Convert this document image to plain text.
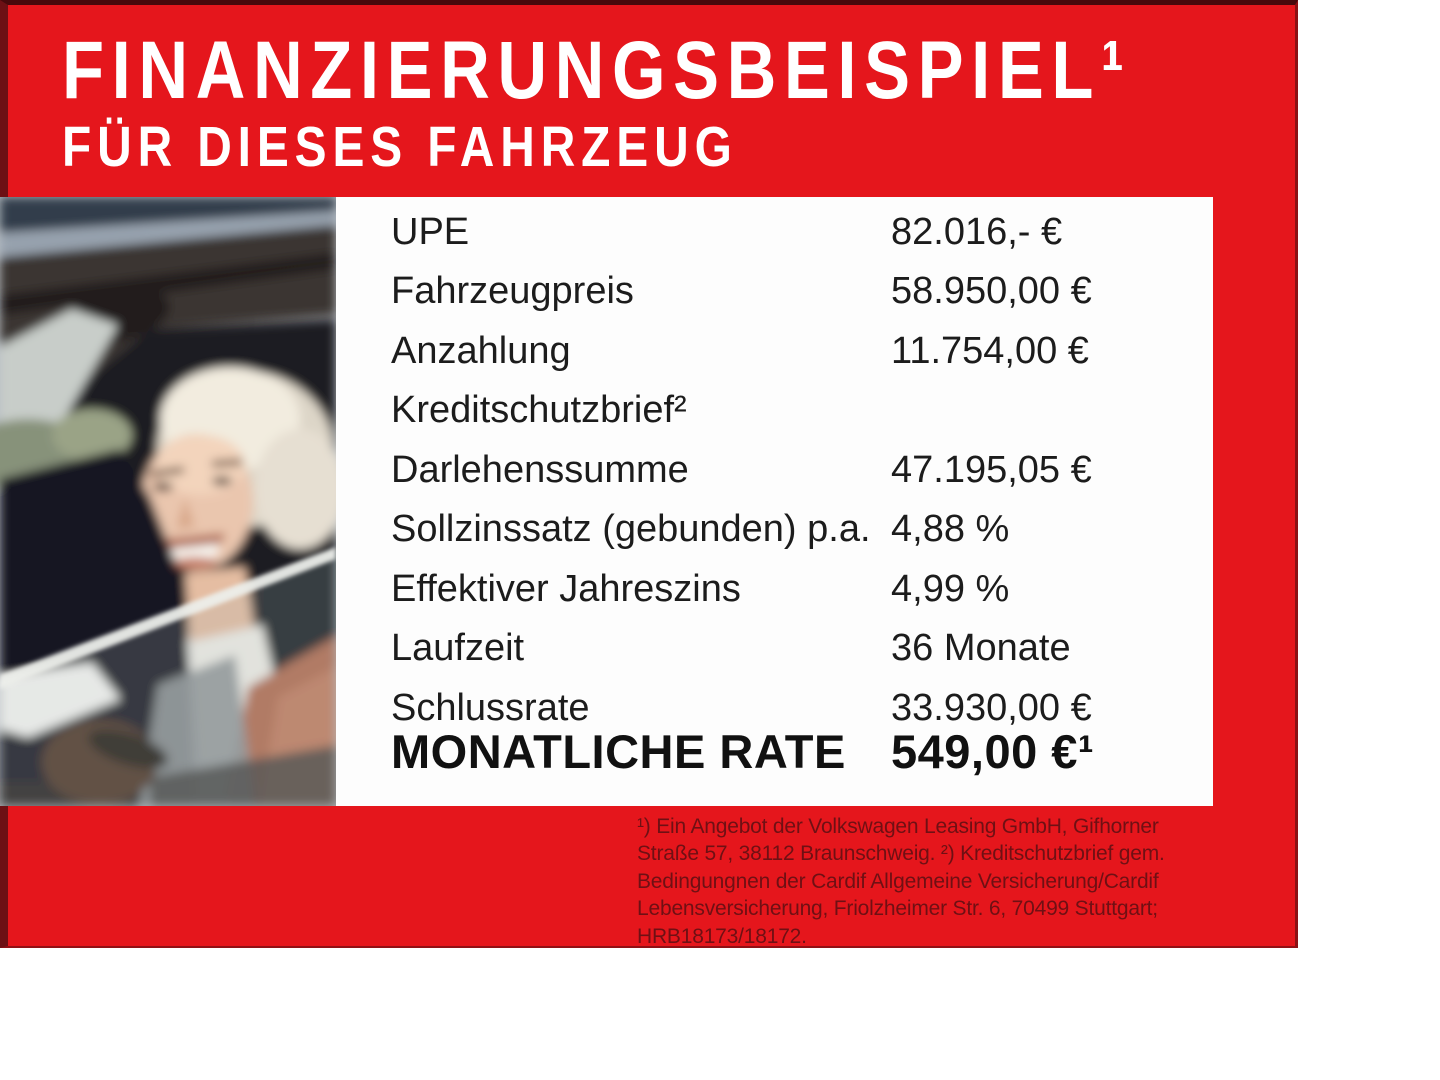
FINANZIERUNGSBEISPIEL¹
FÜR DIESES FAHRZEUG
UPE	82.016,- €
Fahrzeugpreis	58.950,00 €
Anzahlung	11.754,00 €
Kreditschutzbrief²
Darlehenssumme	47.195,05 €
Sollzinssatz (gebunden) p.a. 4,88 %
Effektiver Jahreszins	4,99 %
Laufzeit	36 Monate
Schlussrate	33.930,00 €
MONATLICHE RATE 549,00 €¹
¹) Ein Angebot der Volkswagen Leasing GmbH, Gifhorner
Straße 57, 38112 Braunschweig. ²) Kreditschutzbrief gem.
Bedingungnen der Cardif Allgemeine Versicherung/Cardif
Lebensversicherung, Friolzheimer Str. 6, 70499 Stuttgart;
HRB18173/18172.
